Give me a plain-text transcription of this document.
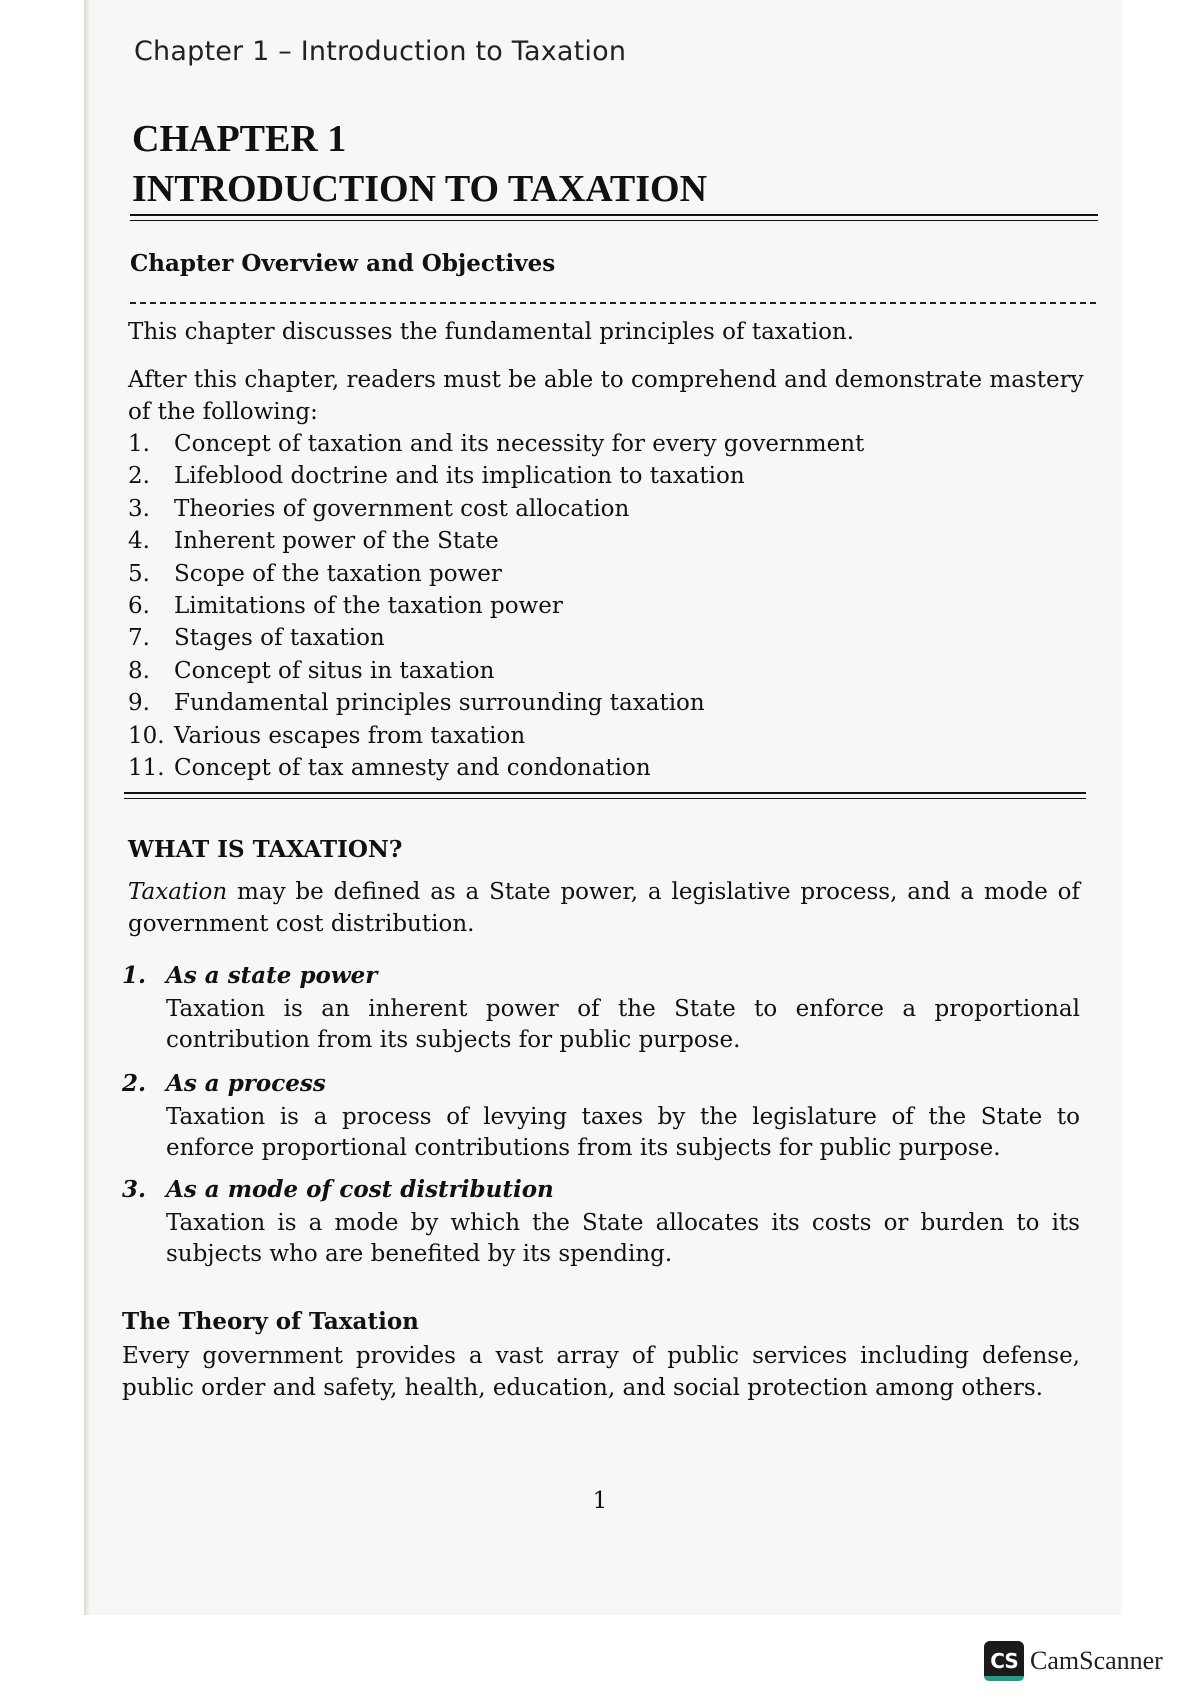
Chapter 1 – Introduction to Taxation
CHAPTER 1
INTRODUCTION TO TAXATION
Chapter Overview and Objectives

This chapter discusses the fundamental principles of taxation.

After this chapter, readers must be able to comprehend and demonstrate mastery of the following:

1.	Concept of taxation and its necessity for every government
2.	Lifeblood doctrine and its implication to taxation
3.	Theories of government cost allocation
4.	Inherent power of the State
5.	Scope of the taxation power
6.	Limitations of the taxation power
7.	Stages of taxation
8.	Concept of situs in taxation
9.	Fundamental principles surrounding taxation
10. Various escapes from taxation
11. Concept of tax amnesty and condonation
WHAT IS TAXATION?

Taxation may be defined as a State power, a legislative process, and a mode of government cost distribution.

1. As a state power

Taxation is an inherent power of the State to enforce a proportional contribution from its subjects for public purpose.

2. As a process

Taxation is a process of levying taxes by the legislature of the State to enforce proportional contributions from its subjects for public purpose.

3. As a mode of cost distribution

Taxation is a mode by which the State allocates its costs or burden to its subjects who are benefited by its spending.

The Theory of Taxation

Every government provides a vast array of public services including defense, public order and safety, health, education, and social protection among others.

1
CS CamScanner
